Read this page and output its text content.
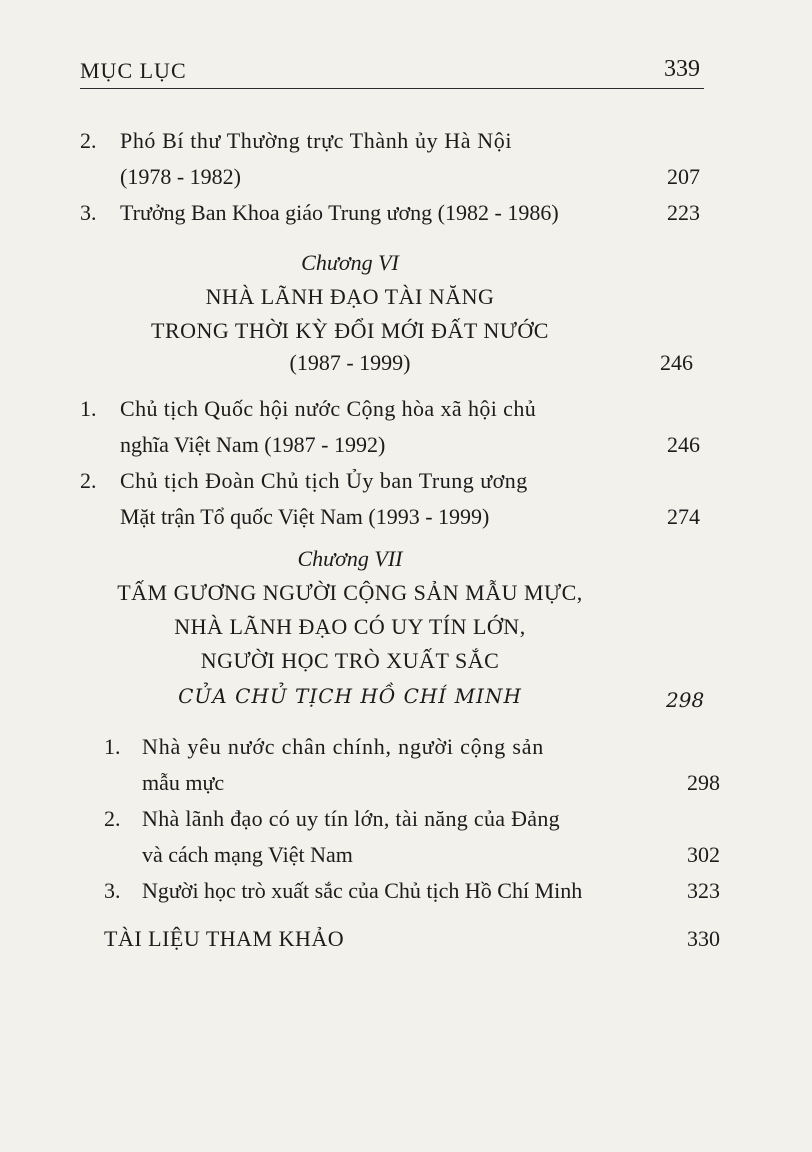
MỤC LỤC	339
2. Phó Bí thư Thường trực Thành ủy Hà Nội
(1978 - 1982)	207
3. Trưởng Ban Khoa giáo Trung ương (1982 - 1986)	223
Chương VI
NHÀ LÃNH ĐẠO TÀI NĂNG
TRONG THỜI KỲ ĐỔI MỚI ĐẤT NƯỚC
(1987 - 1999)	246
1. Chủ tịch Quốc hội nước Cộng hòa xã hội chủ
nghĩa Việt Nam (1987 - 1992)	246
2. Chủ tịch Đoàn Chủ tịch Ủy ban Trung ương
Mặt trận Tổ quốc Việt Nam (1993 - 1999)	274
Chương VII
TẤM GƯƠNG NGƯỜI CỘNG SẢN MẪU MỰC,
NHÀ LÃNH ĐẠO CÓ UY TÍN LỚN,
NGƯỜI HỌC TRÒ XUẤT SẮC
CỦA CHỦ TỊCH HỒ CHÍ MINH	298
1. Nhà yêu nước chân chính, người cộng sản
mẫu mực	298
2. Nhà lãnh đạo có uy tín lớn, tài năng của Đảng
và cách mạng Việt Nam	302
3. Người học trò xuất sắc của Chủ tịch Hồ Chí Minh	323
TÀI LIỆU THAM KHẢO	330
